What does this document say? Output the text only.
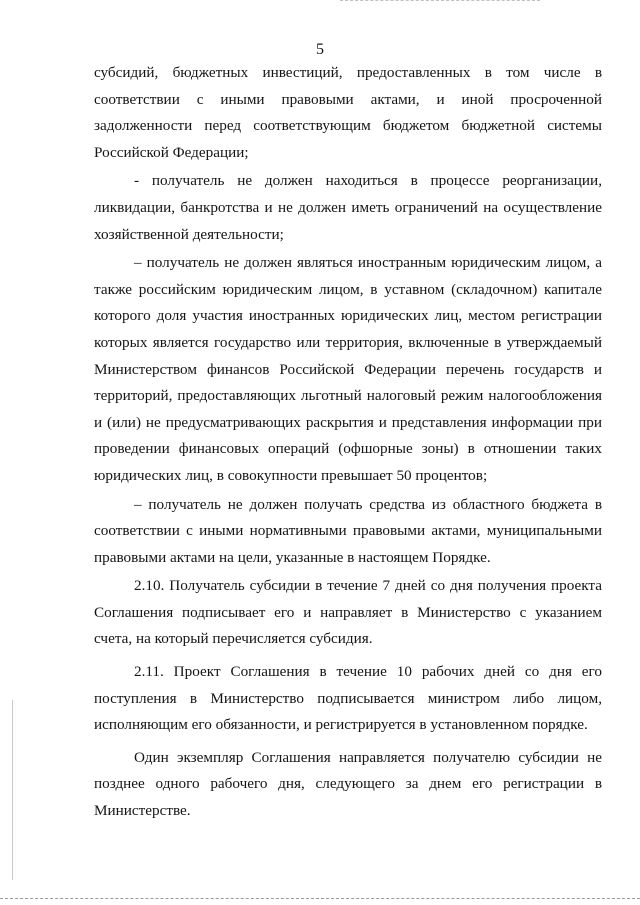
5

субсидий, бюджетных инвестиций, предоставленных в том числе в соответствии с иными правовыми актами, и иной просроченной задолженности перед соответствующим бюджетом бюджетной системы Российской Федерации;

- получатель не должен находиться в процессе реорганизации, ликвидации, банкротства и не должен иметь ограничений на осуществление хозяйственной деятельности;

– получатель не должен являться иностранным юридическим лицом, а также российским юридическим лицом, в уставном (складочном) капитале которого доля участия иностранных юридических лиц, местом регистрации которых является государство или территория, включенные в утверждаемый Министерством финансов Российской Федерации перечень государств и территорий, предоставляющих льготный налоговый режим налогообложения и (или) не предусматривающих раскрытия и представления информации при проведении финансовых операций (офшорные зоны) в отношении таких юридических лиц, в совокупности превышает 50 процентов;

– получатель не должен получать средства из областного бюджета в соответствии с иными нормативными правовыми актами, муниципальными правовыми актами на цели, указанные в настоящем Порядке.

2.10. Получатель субсидии в течение 7 дней со дня получения проекта Соглашения подписывает его и направляет в Министерство с указанием счета, на который перечисляется субсидия.

2.11. Проект Соглашения в течение 10 рабочих дней со дня его поступления в Министерство подписывается министром либо лицом, исполняющим его обязанности, и регистрируется в установленном порядке.

Один экземпляр Соглашения направляется получателю субсидии не позднее одного рабочего дня, следующего за днем его регистрации в Министерстве.
